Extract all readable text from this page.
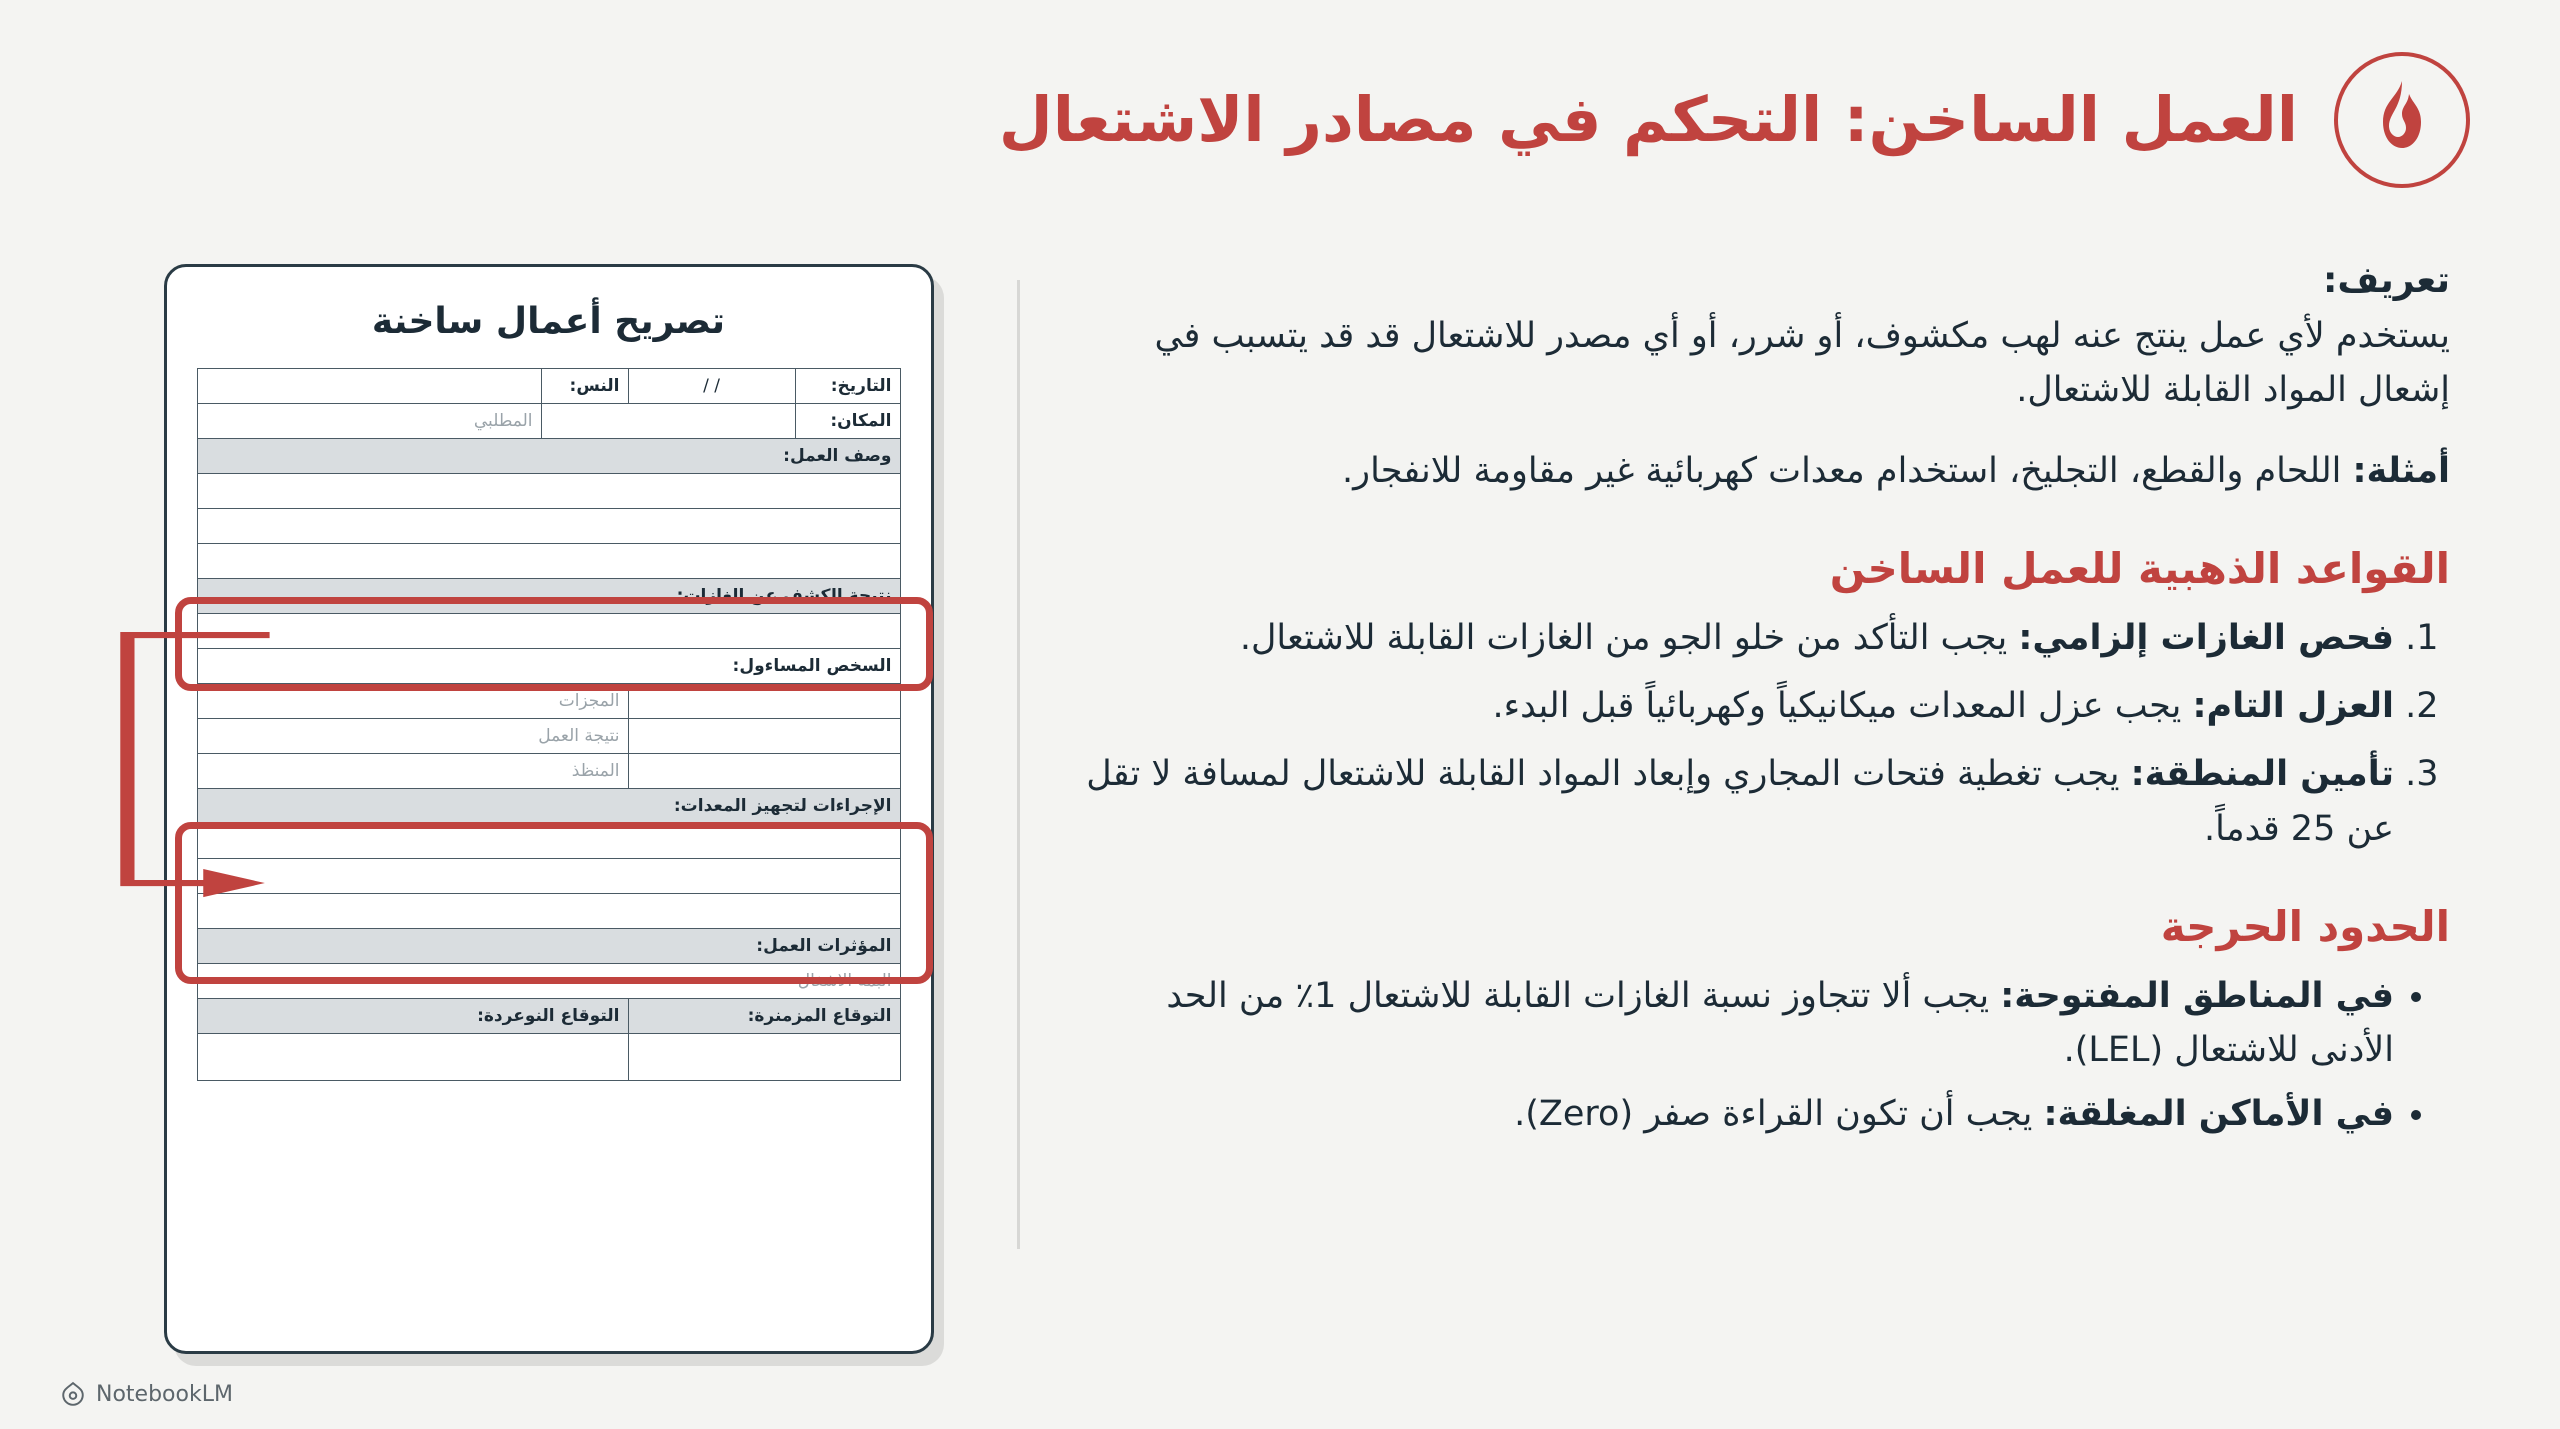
العمل الساخن: التحكم في مصادر الاشتعال
تعريف:

يستخدم لأي عمل ينتج عنه لهب مكشوف، أو شرر، أو أي مصدر للاشتعال قد قد يتسبب في إشعال المواد القابلة للاشتعال.

أمثلة: اللحام والقطع، التجليخ، استخدام معدات كهربائية غير مقاومة للانفجار.

القواعد الذهبية للعمل الساخن
1. فحص الغازات إلزامي: يجب التأكد من خلو الجو من الغازات القابلة للاشتعال.
2. العزل التام: يجب عزل المعدات ميكانيكياً وكهربائياً قبل البدء.
3. تأمين المنطقة: يجب تغطية فتحات المجاري وإبعاد المواد القابلة للاشتعال لمسافة لا تقل عن 25 قدماً.
الحدود الحرجة
• في المناطق المفتوحة: يجب ألا تتجاوز نسبة الغازات القابلة للاشتعال 1٪ من الحد الأدنى للاشتعال (LEL).
• في الأماكن المغلقة: يجب أن تكون القراءة صفر (Zero).
تصريح أعمال ساخنة
التاريخ:	/ /	النس:	
المكان:			المطلبي
وصف العمل:			

نتيجة الكشف عن الغازات:			

السخص المساءول:			
		المجزات	
		نتيجة العمل	
		المنظذ	
الإجراءات لتجهيز المعدات:			

المؤثرات العمل:			
البمة الاشغال			
التوقاع المزمنرة:		التوقاع النوعردة:	

NotebookLM
